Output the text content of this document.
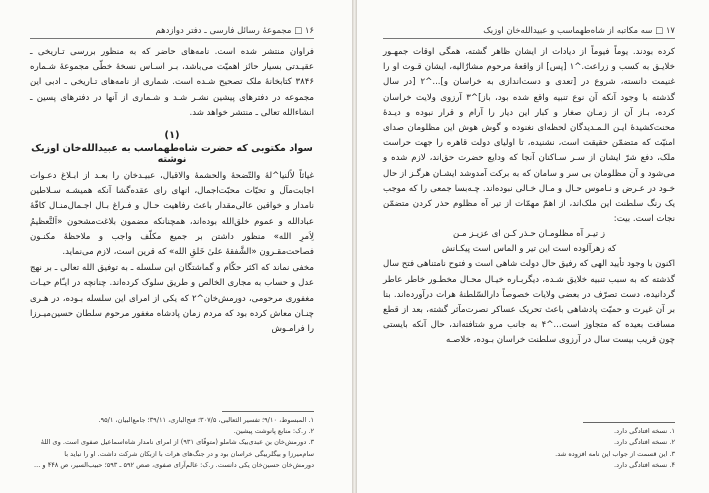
۱۶ □ مجموعهٔ رسائل فارسی ـ دفتر دوازدهم

فراوان منتشر شده است. نامه‌های حاضر که به منظور بررسی تـاریخی ـ عقیـدتی بسیار حائز اهمیّت می‌باشد، بـر اسـاس نسخهٔ خطّی مجموعهٔ شـماره ۳۸۴۶ کتابخانهٔ ملک تصحیح شـده است. شماری از نامه‌های تـاریخی ـ ادبی این مجموعه در دفترهای پیشین نشـر شـد و شـماری از آنها در دفترهای پسین ـ انشاءالله تعالی ـ منتشر خواهد شد.

(۱)
سواد مکتوبی که حضرت شاه‌طهماسب به عبیدالله‌خان اوزبک نوشته

غیاثاً لاًلنیا^لهٔ والتّضحهٔ والحشمهٔ والاقبال، عبیـدخان را بعـد از ابـلاغ دعـوات اجابت‌مآل و تحیّات محبّت‌اجمال، انهای رای عقده‌گشا آنکه همیشـه سـلاطین نامدار و خواقین عالی‌مقدار باعث رفاهیت حـال و فـراغ بـال اجـمال‌منـال کافّهٔ عبادالله و عموم خلق‌الله بوده‌اند، همچنانکه مضمون بلاغت‌مشحون «اَلتَّعظیمُ لِاَمرِ الله» منظور داشتن بر جمیع مکلّف واجب و ملاحظهٔ مکنـون فصاحت‌مقـرون «الشَّفقهٔ علیٰ خَلقِ الله» که قرین است، لازم می‌نماید.

مخفی نماند که اکثر حکّام و گماشتگان این سلسله ـ به توفیق الله تعالی ـ بر نهج عدل و حساب به مجاری الخالص و طریق سلوک کرده‌اند. چنانچه در ایـّام حیـات مغفوری مرحومی، دورمش‌خان^۲ که یکی از امرای این سلسله بـوده، در هـری چنـان معاش کرده بود که مردم زمان پادشاه مغفور مرحوم سلطان حسین‌میـرزا را فرامـوش

۱. المبسوط، ۹/۱۰؛ تفسیر الثعالبی، ۳۰۷/۵؛ فتح‌الباری، ۳۹/۱۱؛ جامع‌البیان، ۹۵/۱.

۲. ر.ک: منابع پانوشت پیشین.

۳. دورمش‌خان بن عبدی‌بیک شاملو (متوفّای ۹۳۱) از امرای نامدار شاه‌اسماعیل صفوی است. وی اللهٔ سام‌میرزا و بیگلربیگی خراسان بود و در جنگ‌های هرات با ازبکان شرکت داشت. او را نباید با دورمش‌خان حسین‌خان یکی دانست. ر.ک: عالم‌آرای صفوی، صص ۵۹۲ ـ ۵۹۳؛ حبیب‌السیر، ص ۴۴۸ و ...

۱۷ □ سه مکاتبه از شاه‌طهماسب و عبیدالله‌خان اوزبک

کرده بودند. یوماً فیوماً از دیادات از ایشان ظاهر گشته، همگی اوقات جمهـور خلایـق به کسب و زراعت.^۱ [پس] از واقعهٔ مرحوم مشارٌالیه، ایشان قـوت او را غنیمت دانسته، شروع در [تعدی و دست‌اندازی به خراسان و]...^۲ [در سال گذشته با وجود آنکه آن نوع تنبیه واقع شده بود، باز]^۳ آرزوی ولایت خراسان کرده، بـاز آن از زمـان صغار و کبار این دیار را آرام و قرار نبوده و دیـدهٔ محنت‌کشیدهٔ ایـن الـمـدیدگان لحظه‌ای نغنوده و گوش هوش این مظلومان صدای امنیّت که متضمّن حقیقت است، نشنیده، تا اولیای دولت قاهره را جهت حراست ملک، دفع شرّ ایشان از سـر سـاکنان آنجا که ودایع حضرت حق‌اند، لازم شده و می‌شود و آن مظلومان بی سر و سامان که به برکت آمدوشد ایشـان هرگـز از حال خـود در عـرض و نـاموس حـال و مـال خـالی نبوده‌اند. چـه‌بسا جمعی را که موجب یک رنگ سلطنت این ملک‌اند، از اهمّ مهمّات از تیر آه مظلوم حذر کردن متضمّن نجات است. بیت:

ز تیـر آه مظلومـان حـذر کـن ای عزیـز مـن

که زهرآلوده است این تیر و الماس است پیکـانش

اکنون با وجود تأیید الهی که رفیق حال دولت شاهی است و فتوح نامتناهی فتح سال گذشته که به سبب تنبیه خلایق شـده، دیگربـاره خیـال محـال مخطـور خاطر عاطر گردانیده، دست تصرّف در بعضی ولایات خصوصاً دارالسّلطنهٔ هرات درآورده‌اند. بنا بر آن غیرت و حمیّت پادشاهی باعث تحریک عساکر نصرت‌مآثر گشته، بعد از قطع مسافت بعیده که متجاوز است...^۴ به جانب مرو شتافته‌اند، حال آنکه بایستی چون قریب بیست سال در آرزوی سلطنت خراسان بـوده، خلاصـه

۱. نسخه افتادگی دارد.

۲. نسخه افتادگی دارد.

۳. این قسمت از جواب این نامه افزوده شد.

۴. نسخه افتادگی دارد.
